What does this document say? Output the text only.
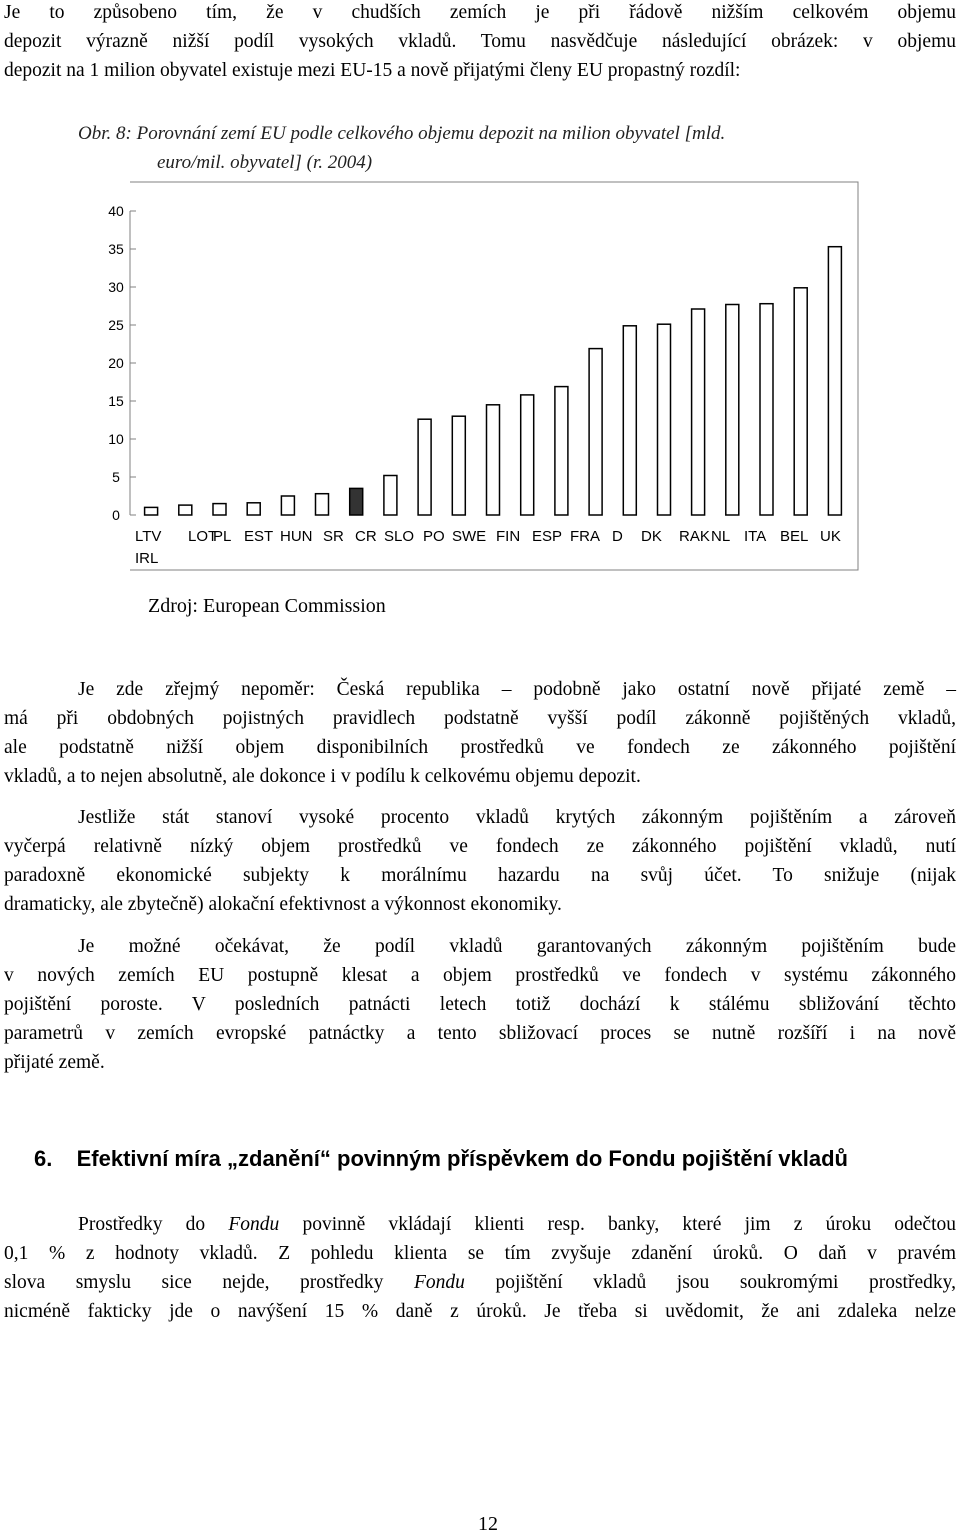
Je to způsobeno tím, že v chudších zemích je při řádově nižším celkovém objemu
depozit výrazně nižší podíl vysokých vkladů. Tomu nasvědčuje následující obrázek: v objemu
depozit na 1 milion obyvatel existuje mezi EU-15 a nově přijatými členy EU propastný rozdíl:
Obr. 8: Porovnání zemí EU podle celkového objemu depozit na milion obyvatel [mld.
euro/mil. obyvatel] (r. 2004)
0
5
10
15
20
25
30
35
40
LTV LOT
PL EST HUN SR CR SLO PO SWE FIN ESP FRA D DK RAK NL ITA BEL UK
IRL
Zdroj: European Commission
Je zde zřejmý nepoměr: Česká republika – podobně jako ostatní nově přijaté země –
má při obdobných pojistných pravidlech podstatně vyšší podíl zákonně pojištěných vkladů,
ale podstatně nižší objem disponibilních prostředků ve fondech ze zákonného pojištění
vkladů, a to nejen absolutně, ale dokonce i v podílu k celkovému objemu depozit.
Jestliže stát stanoví vysoké procento vkladů krytých zákonným pojištěním a zároveň
vyčerpá relativně nízký objem prostředků ve fondech ze zákonného pojištění vkladů, nutí
paradoxně ekonomické subjekty k morálnímu hazardu na svůj účet. To snižuje (nijak
dramaticky, ale zbytečně) alokační efektivnost a výkonnost ekonomiky.
Je možné očekávat, že podíl vkladů garantovaných zákonným pojištěním bude
v nových zemích EU postupně klesat a objem prostředků ve fondech v systému zákonného
pojištění poroste. V posledních patnácti letech totiž dochází k stálému sbližování těchto
parametrů v zemích evropské patnáctky a tento sbližovací proces se nutně rozšíří i na nově
přijaté země.
6. Efektivní míra „zdanění“ povinným příspěvkem do Fondu pojištění vkladů
Prostředky do Fondu povinně vkládají klienti resp. banky, které jim z úroku odečtou
0,1 % z hodnoty vkladů. Z pohledu klienta se tím zvyšuje zdanění úroků. O daň v pravém
slova smyslu sice nejde, prostředky Fondu pojištění vkladů jsou soukromými prostředky,
nicméně fakticky jde o navýšení 15 % daně z úroků. Je třeba si uvědomit, že ani zdaleka nelze
12
